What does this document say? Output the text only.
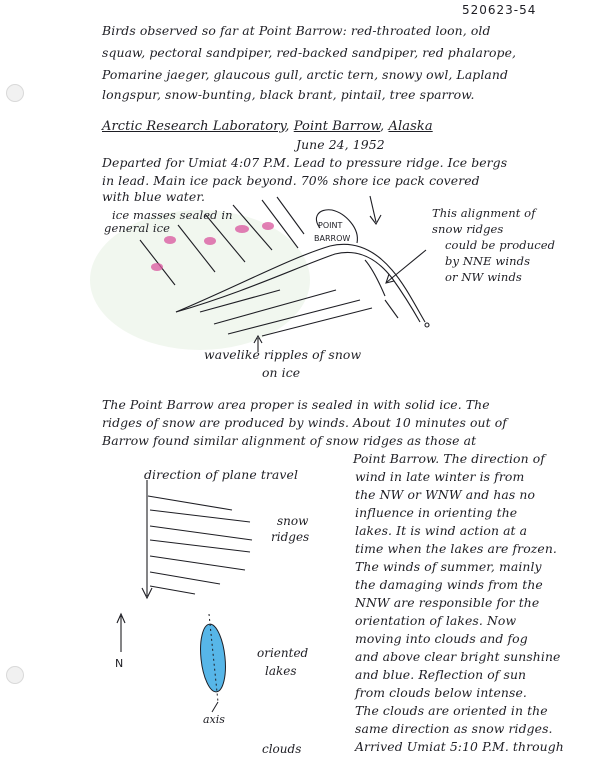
520623-54
Birds observed so far at Point Barrow: red-throated loon, old
squaw, pectoral sandpiper, red-backed sandpiper, red phalarope,
Pomarine jaeger, glaucous gull, arctic tern, snowy owl, Lapland
longspur, snow-bunting, black brant, pintail, tree sparrow.
Arctic Research Laboratory, Point Barrow, Alaska
June 24, 1952
Departed for Umiat 4:07 P.M. Lead to pressure ridge. Ice bergs
in lead. Main ice pack beyond. 70% shore ice pack covered
with blue water.
ice masses sealed in
general ice	POINT
BARROW
This alignment of
snow ridges
could be produced
by NNE winds
or NW winds
wavelike ripples of snow
on ice
The Point Barrow area proper is sealed in with solid ice. The
ridges of snow are produced by winds. About 10 minutes out of
Barrow found similar alignment of snow ridges as those at
Point Barrow. The direction of
wind in late winter is from
the NW or WNW and has no
influence in orienting the
lakes. It is wind action at a
time when the lakes are frozen.
The winds of summer, mainly
the damaging winds from the
NNW are responsible for the
orientation of lakes. Now
moving into clouds and fog
and above clear bright sunshine
and blue. Reflection of sun
from clouds below intense.
The clouds are oriented in the
same direction as snow ridges.
Arrived Umiat 5:10 P.M. through
direction of plane travel
snow
ridges
N
oriented
lakes
axis
clouds
